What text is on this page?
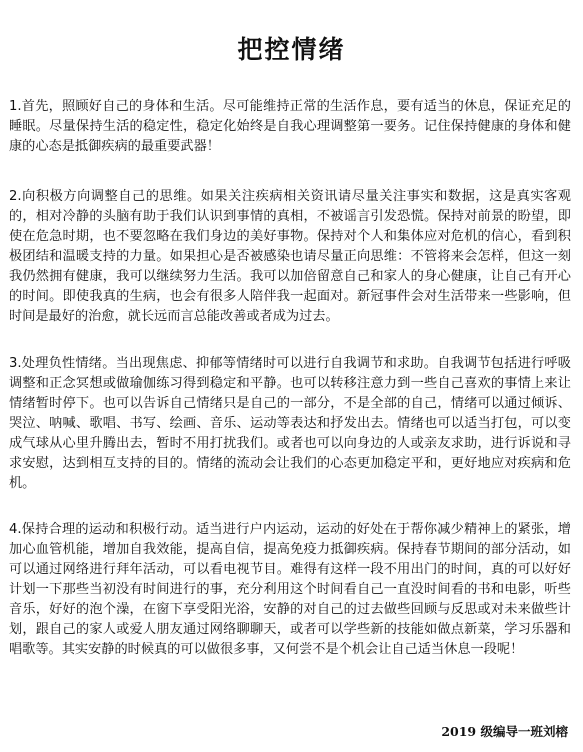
把控情绪

1.首先，照顾好自己的身体和生活。尽可能维持正常的生活作息，要有适当的休息，保证充足的睡眠。尽量保持生活的稳定性，稳定化始终是自我心理调整第一要务。记住保持健康的身体和健康的心态是抵御疾病的最重要武器！

2.向积极方向调整自己的思维。如果关注疾病相关资讯请尽量关注事实和数据，这是真实客观的，相对冷静的头脑有助于我们认识到事情的真相，不被谣言引发恐慌。保持对前景的盼望，即使在危急时期，也不要忽略在我们身边的美好事物。保持对个人和集体应对危机的信心，看到积极团结和温暖支持的力量。如果担心是否被感染也请尽量正向思维：不管将来会怎样，但这一刻我仍然拥有健康，我可以继续努力生活。我可以加倍留意自己和家人的身心健康，让自己有开心的时间。即使我真的生病，也会有很多人陪伴我一起面对。新冠事件会对生活带来一些影响，但时间是最好的治愈，就长远而言总能改善或者成为过去。

3.处理负性情绪。当出现焦虑、抑郁等情绪时可以进行自我调节和求助。自我调节包括进行呼吸调整和正念冥想或做瑜伽练习得到稳定和平静。也可以转移注意力到一些自己喜欢的事情上来让情绪暂时停下。也可以告诉自己情绪只是自己的一部分，不是全部的自己，情绪可以通过倾诉、哭泣、呐喊、歌唱、书写、绘画、音乐、运动等表达和抒发出去。情绪也可以适当打包，可以变成气球从心里升腾出去，暂时不用打扰我们。或者也可以向身边的人或亲友求助，进行诉说和寻求安慰，达到相互支持的目的。情绪的流动会让我们的心态更加稳定平和，更好地应对疾病和危机。

4.保持合理的运动和积极行动。适当进行户内运动，运动的好处在于帮你减少精神上的紧张，增加心血管机能，增加自我效能，提高自信，提高免疫力抵御疾病。保持春节期间的部分活动，如可以通过网络进行拜年活动，可以看电视节目。难得有这样一段不用出门的时间，真的可以好好计划一下那些当初没有时间进行的事，充分利用这个时间看自己一直没时间看的书和电影，听些音乐，好好的泡个澡，在窗下享受阳光浴，安静的对自己的过去做些回顾与反思或对未来做些计划，跟自己的家人或爱人朋友通过网络聊聊天，或者可以学些新的技能如做点新菜，学习乐器和唱歌等。其实安静的时候真的可以做很多事，又何尝不是个机会让自己适当休息一段呢！

2019 级编导一班刘榕
